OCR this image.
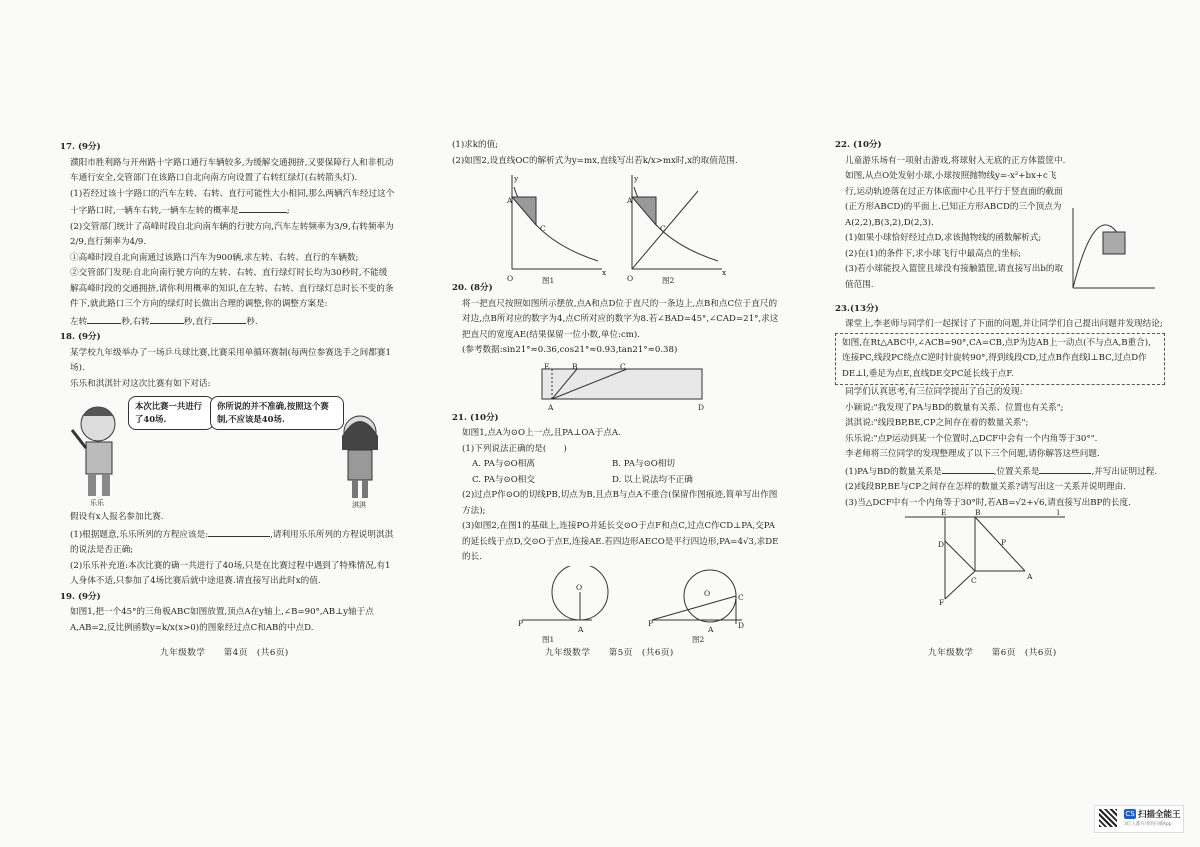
17. (9分)

濮阳市胜利路与开州路十字路口通行车辆较多,为缓解交通拥挤,又要保障行人和非机动车通行安全,交管部门在该路口自北向南方向设置了右转红绿灯(右转箭头灯).

(1)若经过该十字路口的汽车左转、右转、直行可能性大小相同,那么两辆汽车经过这个十字路口时,一辆车右转,一辆车左转的概率是	;

(2)交管部门统计了高峰时段自北向南车辆的行驶方向,汽车左转频率为3/9,右转频率为2/9,直行频率为4/9.

①高峰时段自北向南通过该路口汽车为900辆,求左转、右转、直行的车辆数;

②交管部门发现:自北向南行驶方向的左转、右转、直行绿灯时长均为30秒时,不能缓解高峰时段的交通拥挤,请你利用概率的知识,在左转、右转、直行绿灯总时长不变的条件下,就此路口三个方向的绿灯时长做出合理的调整,你的调整方案是:

左转	秒,右转	秒,直行	秒.

18. (9分)

某学校九年级举办了一场乒乓球比赛,比赛采用单循环赛制(每两位参赛选手之间都赛1场).

乐乐和淇淇针对这次比赛有如下对话:

本次比赛一共进行了40场.
你所说的并不准确,按照这个赛制,不应该是40场.
乐乐	淇淇

假设有x人报名参加比赛.

(1)根据题意,乐乐所列的方程应该是:	,请利用乐乐所列的方程说明淇淇的说法是否正确;

(2)乐乐补充道:本次比赛的确一共进行了40场,只是在比赛过程中遇到了特殊情况,有1人身体不适,只参加了4场比赛后就中途退赛.请直接写出此时x的值.

19. (9分)

如图1,把一个45°的三角板ABC如图放置,顶点A在y轴上,∠B=90°,AB⊥y轴于点A,AB=2,反比例函数y=k/x(x>0)的图象经过点C和AB的中点D.

九年级数学　　第4页　(共6页)

(1)求k的值;

(2)如图2,设直线OC的解析式为y=mx,直线写出若k/x>mx时,x的取值范围.

A
C
O
x
y
图1
A
C
O
x
y
图2

20. (8分)

将一把直尺按照如图所示摆放,点A和点D位于直尺的一条边上,点B和点C位于直尺的对边,点B所对应的数字为4,点C所对应的数字为8.若∠BAD=45°,∠CAD=21°,求这把直尺的宽度AE(结果保留一位小数,单位:cm).

(参考数据:sin21°≈0.36,cos21°≈0.93,tan21°≈0.38)

E	B	C
A	D

21. (10分)

如图1,点A为⊙O上一点,且PA⊥OA于点A.

(1)下列说法正确的是(　　)

A. PA与⊙O相离	B. PA与⊙O相切
C. PA与⊙O相交	D. 以上说法均不正确

(2)过点P作⊙O的切线PB,切点为B,且点B与点A不重合(保留作图痕迹,简单写出作图方法);

(3)如图2,在图1的基础上,连接PO并延长交⊙O于点F和点C,过点C作CD⊥PA,交PA的延长线于点D,交⊙O于点E,连接AE.若四边形AECO是平行四边形,PA=4√3,求DE的长.

O
P
A
P
O	C
D
A
图1	图2
九年级数学　　第5页　(共6页)

22. (10分)

儿童游乐场有一项射击游戏,将球射入无底的正方体篮筐中.如图,从点O处发射小球,小球按照抛物线y=-x²+bx+c飞行,运动轨迹落在过正方体底面中心且平行于竖直面的截面(正方形ABCD)的平面上.已知正方形ABCD的三个顶点为A(2,2),B(3,2),D(2,3).

(1)如果小球恰好经过点D,求该抛物线的函数解析式;

(2)在(1)的条件下,求小球飞行中最高点的坐标;

(3)若小球能投入篮筐且球没有接触篮筐,请直接写出b的取值范围.

23.(13分)

课堂上,李老师与同学们一起探讨了下面的问题,并让同学们自己提出问题并发现结论;

如图,在Rt△ABC中,∠ACB=90°,CA=CB,点P为边AB上一动点(不与点A,B重合),连接PC,线段PC绕点C逆时针旋转90°,得到线段CD,过点B作直线l⊥BC,过点D作DE⊥l,垂足为点E,直线DE交PC延长线于点F.

同学们认真思考,有三位同学提出了自己的发现:

小颖说:"我发现了PA与BD的数量有关系、位置也有关系";

淇淇说:"线段BP,BE,CP之间存在着的数量关系";

乐乐说:"点P运动到某一个位置时,△DCF中会有一个内角等于30°".

李老师将三位同学的发现整理成了以下三个问题,请你解答这些问题.

(1)PA与BD的数量关系是	,位置关系是	,并写出证明过程.

(2)线段BP,BE与CP之间存在怎样的数量关系?请写出这一关系并说明理由.

(3)当△DCF中有一个内角等于30°时,若AB=√2+√6,请直接写出BP的长度.

E	B	l
D	P
C	A
F
九年级数学　　第6页　(共6页)
CS 扫描全能王
3亿人都在用的扫描App
